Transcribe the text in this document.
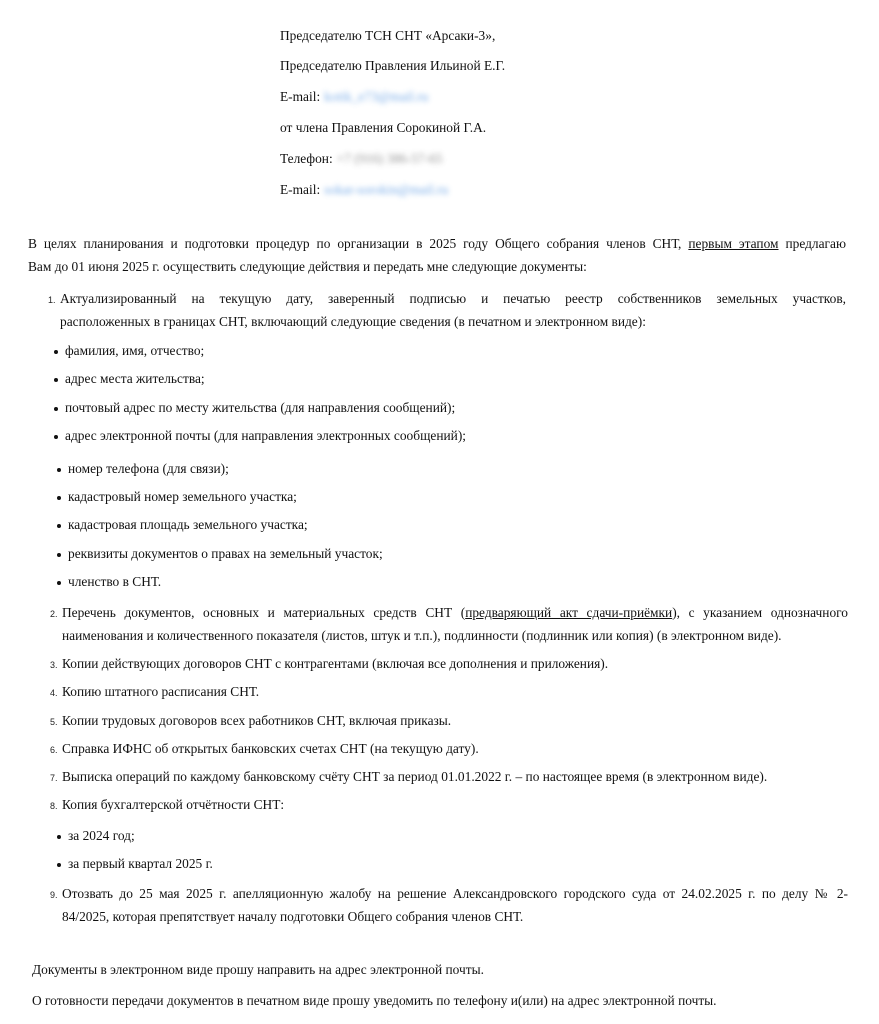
Председателю ТСН СНТ «Арсаки-3»,
Председателю Правления Ильиной Е.Г.
E-mail: kotik_e73@mail.ru
от члена Правления Сорокиной Г.А.
Телефон: +7 (916) 386-57-65
E-mail: sokar-sorokin@mail.ru
В целях планирования и подготовки процедур по организации в 2025 году Общего собрания членов СНТ, первым этапом предлагаю
Вам до 01 июня 2025 г. осуществить следующие действия и передать мне следующие документы:
1. Актуализированный на текущую дату, заверенный подписью и печатью реестр собственников земельных участков,
расположенных в границах СНТ, включающий следующие сведения (в печатном и электронном виде):
фамилия, имя, отчество;
адрес места жительства;
почтовый адрес по месту жительства (для направления сообщений);
адрес электронной почты (для направления электронных сообщений);
номер телефона (для связи);
кадастровый номер земельного участка;
кадастровая площадь земельного участка;
реквизиты документов о правах на земельный участок;
членство в СНТ.
2. Перечень документов, основных и материальных средств СНТ (предваряющий акт сдачи-приёмки), с указанием однозначного
наименования и количественного показателя (листов, штук и т.п.), подлинности (подлинник или копия) (в электронном виде).
3. Копии действующих договоров СНТ с контрагентами (включая все дополнения и приложения).
4. Копию штатного расписания СНТ.
5. Копии трудовых договоров всех работников СНТ, включая приказы.
6. Справка ИФНС об открытых банковских счетах СНТ (на текущую дату).
7. Выписка операций по каждому банковскому счёту СНТ за период 01.01.2022 г. – по настоящее время (в электронном виде).
8. Копия бухгалтерской отчётности СНТ:
за 2024 год;
за первый квартал 2025 г.
9. Отозвать до 25 мая 2025 г. апелляционную жалобу на решение Александровского городского суда от 24.02.2025 г. по делу № 2-
84/2025, которая препятствует началу подготовки Общего собрания членов СНТ.
Документы в электронном виде прошу направить на адрес электронной почты.
О готовности передачи документов в печатном виде прошу уведомить по телефону и(или) на адрес электронной почты.
